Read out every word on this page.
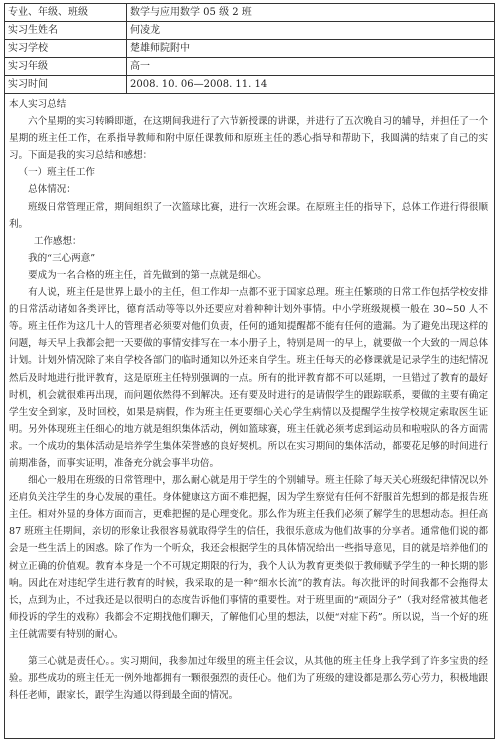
专业、年级、班级	数学与应用数学 05 级 2 班
实习生姓名	何凌龙
实习学校	楚雄师院附中
实习年级	高一
实习时间	2008. 10. 06—2008. 11. 14

本人实习总结

六个星期的实习转瞬即逝，在这期间我进行了六节新授课的讲课，并进行了五次晚自习的辅导，并担任了一个星期的班主任工作，在系指导教师和附中原任课教师和原班主任的悉心指导和帮助下，我圆满的结束了自己的实习。下面是我的实习总结和感想：

（一）班主任工作

总体情况：

班级日常管理正常，期间组织了一次篮球比赛，进行一次班会课。在原班主任的指导下，总体工作进行得很顺利。

工作感想：

我的“三心两意”

要成为一名合格的班主任，首先做到的第一点就是细心。

有人说，班主任是世界上最小的主任，但工作却一点都不亚于国家总理。班主任繁琐的日常工作包括学校安排的日常活动诸如各类评比，德育活动等等以外还要应对着种种计划外事情。中小学班级规模一般在 30~50 人不等。班主任作为这几十人的管理者必须要对他们负责，任何的通知提醒都不能有任何的遗漏。为了避免出现这样的问题，每天早上我都会把一天要做的事情安排写在一本小册子上，特别是周一的早上，就要做一个大致的一周总体计划。计划外情况除了来自学校各部门的临时通知以外还来自学生。班主任每天的必修课就是记录学生的违纪情况然后及时地进行批评教育，这是原班主任特别强调的一点。所有的批评教育都不可以延期，一旦错过了教育的最好时机，机会就很难再出现，而问题依然得不到解决。还有要及时进行的是请假学生的跟踪联系，要做的主要有确定学生安全到家，及时回校，如果是病假，作为班主任更要细心关心学生病情以及提醒学生按学校规定索取医生证明。另外体现班主任细心的地方就是组织集体活动，例如篮球赛，班主任就必须考虑到运动员和啦啦队的各方面需求。一个成功的集体活动是培养学生集体荣誉感的良好契机。所以在实习期间的集体活动，都要花足够的时间进行前期准备，而事实证明，准备充分就会事半功倍。

细心一般用在班级的日常管理中，那么耐心就是用于学生的个别辅导。班主任除了每天关心班级纪律情况以外还肩负关注学生的身心发展的重任。身体健康这方面不难把握，因为学生察觉有任何不舒服首先想到的都是报告班主任。相对外显的身体方面而言，更难把握的是心理变化。那么作为班主任我们必须了解学生的思想动态。担任高 87 班班主任期间，亲切的形象让我很容易就取得学生的信任，我很乐意成为他们故事的分享者。通常他们说的都会是一些生活上的困惑。除了作为一个听众，我还会根据学生的具体情况给出一些指导意见，目的就是培养他们的树立正确的价值观。教育本身是一个不可规定期限的行为，我个人认为教育更类似于教师赋予学生的一种长期的影响。因此在对违纪学生进行教育的时候，我采取的是一种“细水长流”的教育法。每次批评的时间我都不会拖得太长，点到为止，不过我还是以很明白的态度告诉他们事情的重要性。对于班里面的“顽固分子”（我对经常被其他老师投诉的学生的戏称）我都会不定期找他们聊天，了解他们心里的想法，以便“对症下药”。所以说，当一个好的班主任就需要有特别的耐心。

第三心就是责任心。。实习期间，我参加过年级里的班主任会议，从其他的班主任身上我学到了许多宝贵的经验。那些成功的班主任无一例外地都拥有一颗很强烈的责任心。他们为了班级的建设都是那么劳心劳力，积极地跟科任老师，跟家长，跟学生沟通以得到最全面的情况。
